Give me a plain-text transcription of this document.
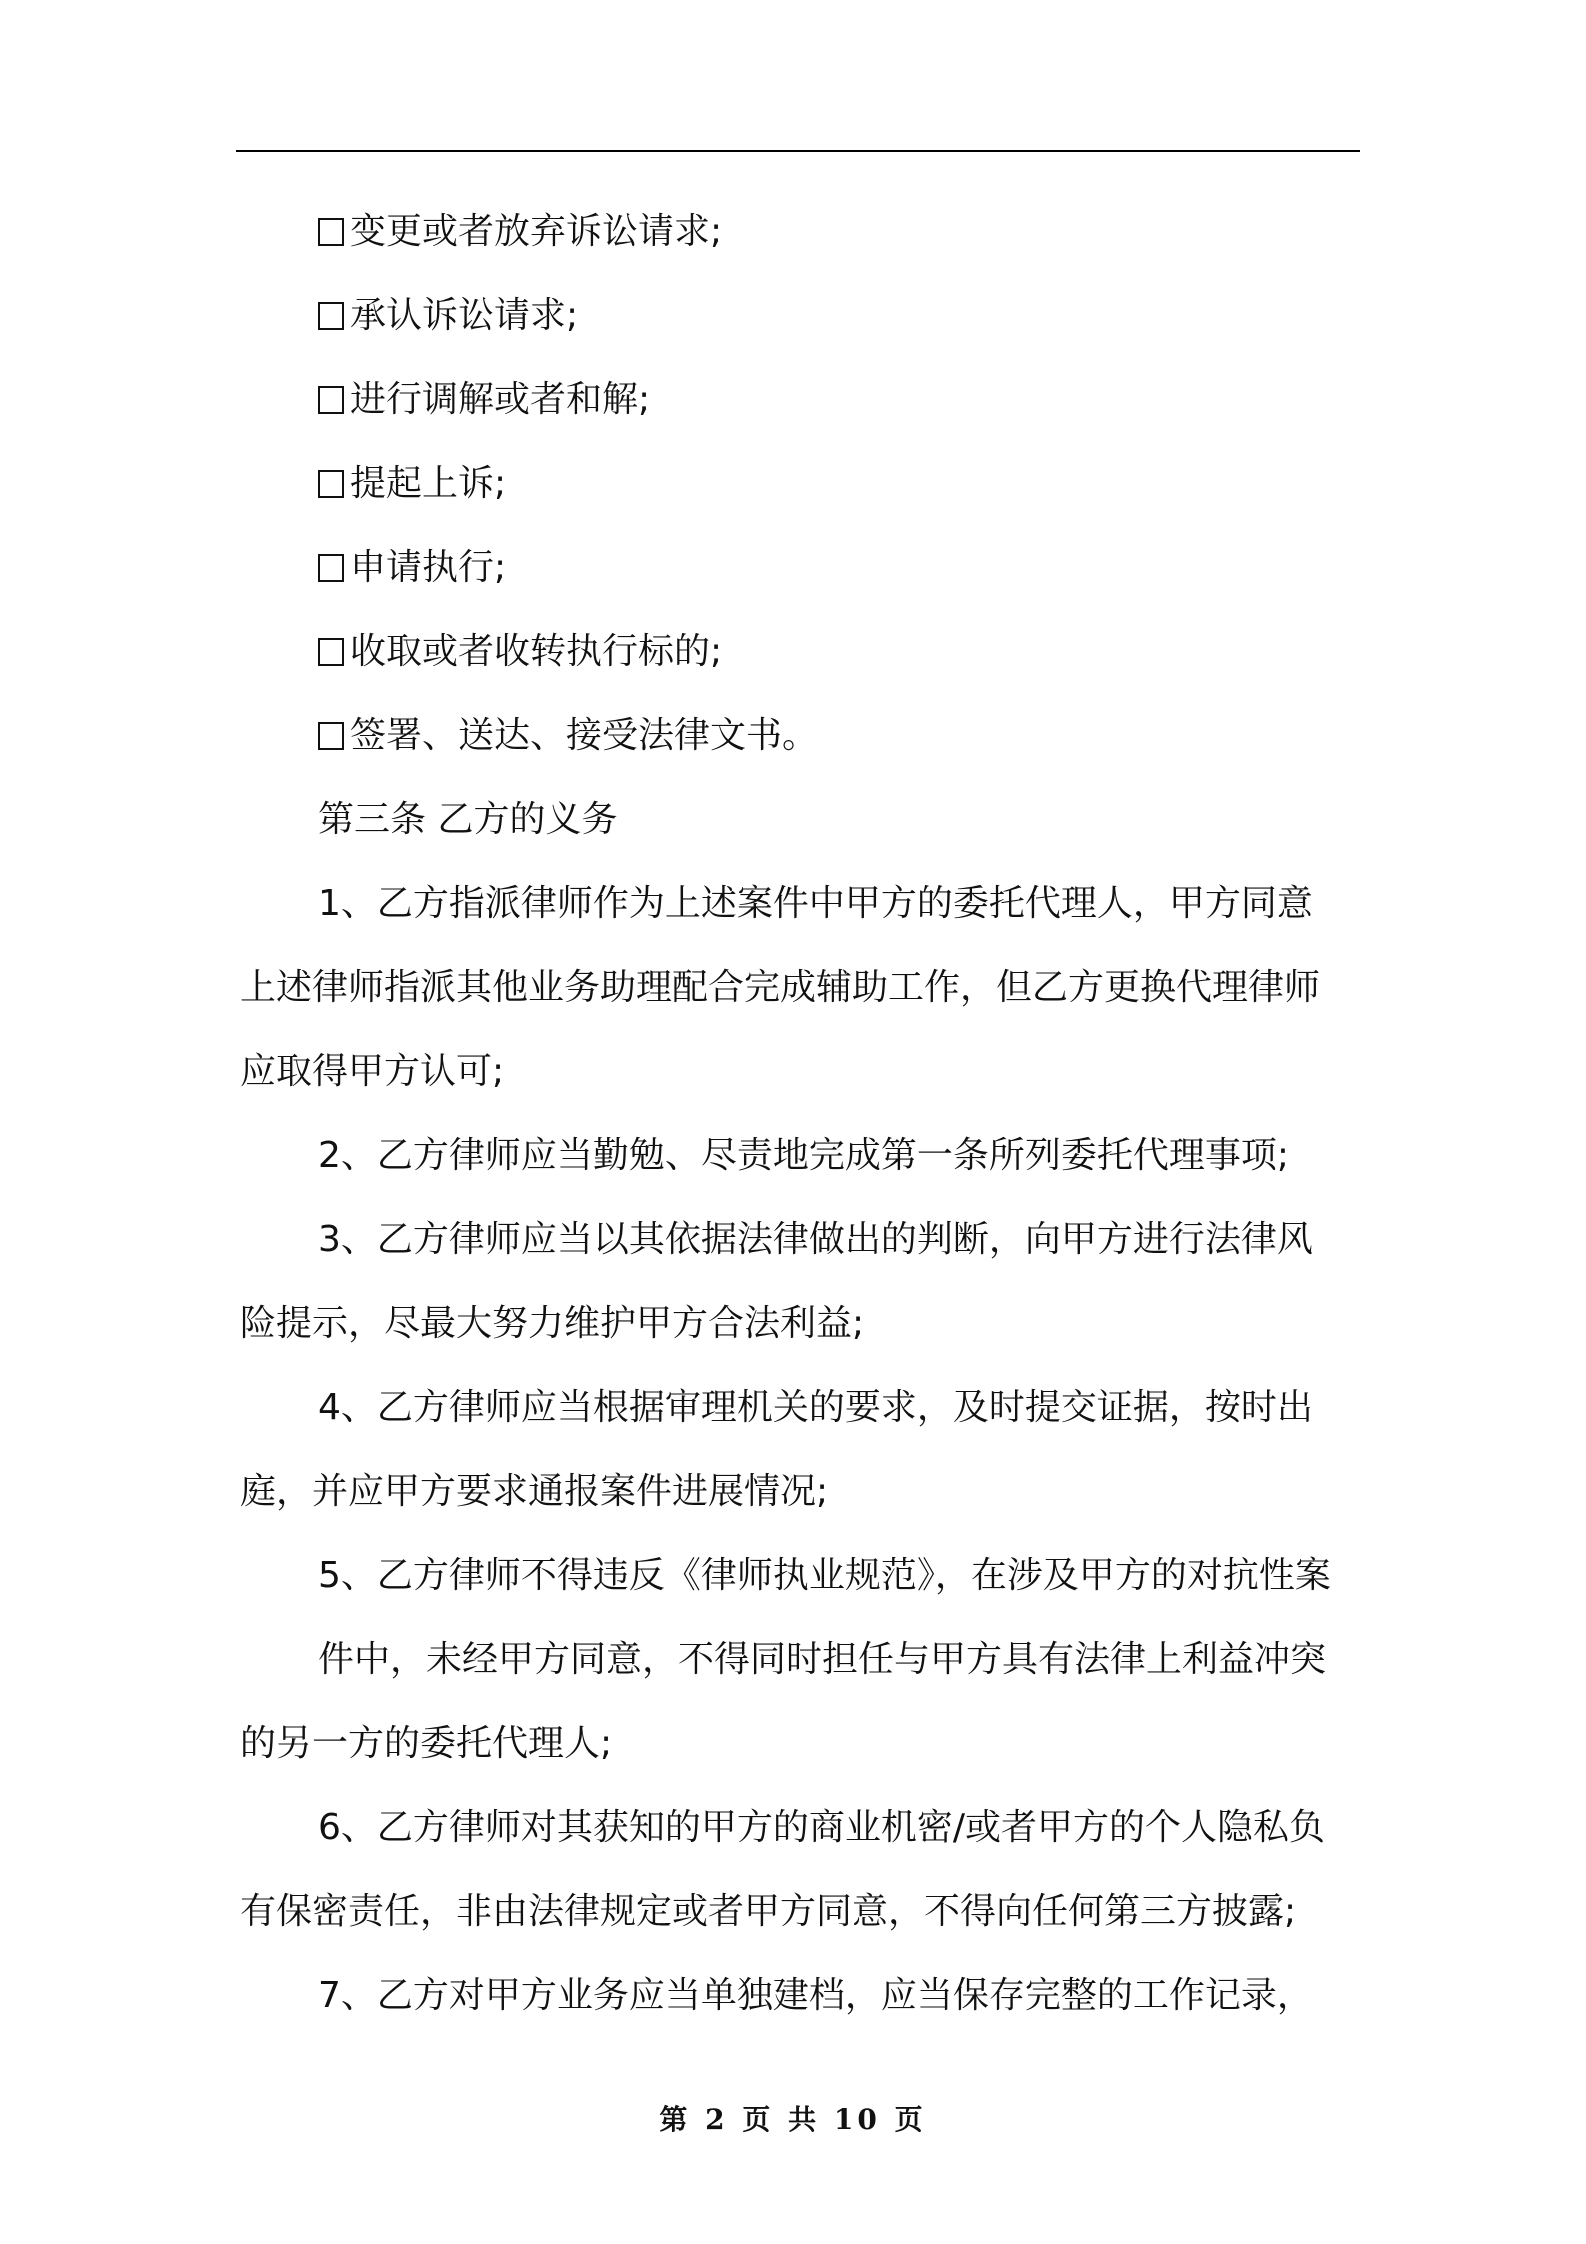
变更或者放弃诉讼请求;
承认诉讼请求;
进行调解或者和解;
提起上诉;
申请执行;
收取或者收转执行标的;
签署、送达、接受法律文书。
第三条 乙方的义务
1、乙方指派律师作为上述案件中甲方的委托代理人，甲方同意
上述律师指派其他业务助理配合完成辅助工作，但乙方更换代理律师
应取得甲方认可;
2、乙方律师应当勤勉、尽责地完成第一条所列委托代理事项;
3、乙方律师应当以其依据法律做出的判断，向甲方进行法律风
险提示，尽最大努力维护甲方合法利益;
4、乙方律师应当根据审理机关的要求，及时提交证据，按时出
庭，并应甲方要求通报案件进展情况;
5、乙方律师不得违反《律师执业规范》，在涉及甲方的对抗性案
件中，未经甲方同意，不得同时担任与甲方具有法律上利益冲突
的另一方的委托代理人;
6、乙方律师对其获知的甲方的商业机密/或者甲方的个人隐私负
有保密责任，非由法律规定或者甲方同意，不得向任何第三方披露;
7、乙方对甲方业务应当单独建档，应当保存完整的工作记录，
第 2 页 共 10 页
